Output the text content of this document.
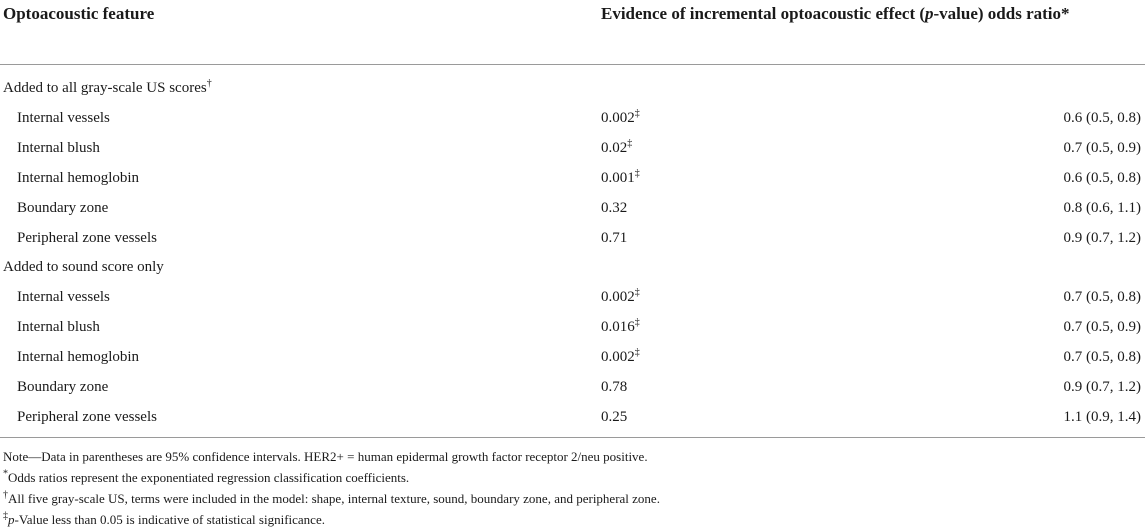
Optoacoustic feature	Evidence of incremental optoacoustic effect (p-value) odds ratio*
Added to all gray-scale US scores†
Internal vessels	0.002‡	0.6 (0.5, 0.8)
Internal blush	0.02‡	0.7 (0.5, 0.9)
Internal hemoglobin	0.001‡	0.6 (0.5, 0.8)
Boundary zone	0.32	0.8 (0.6, 1.1)
Peripheral zone vessels	0.71	0.9 (0.7, 1.2)
Added to sound score only
Internal vessels	0.002‡	0.7 (0.5, 0.8)
Internal blush	0.016‡	0.7 (0.5, 0.9)
Internal hemoglobin	0.002‡	0.7 (0.5, 0.8)
Boundary zone	0.78	0.9 (0.7, 1.2)
Peripheral zone vessels	0.25	1.1 (0.9, 1.4)
Note—Data in parentheses are 95% confidence intervals. HER2+ = human epidermal growth factor receptor 2/neu positive.
*Odds ratios represent the exponentiated regression classification coefficients.
†All five gray-scale US, terms were included in the model: shape, internal texture, sound, boundary zone, and peripheral zone.
‡p-Value less than 0.05 is indicative of statistical significance.
